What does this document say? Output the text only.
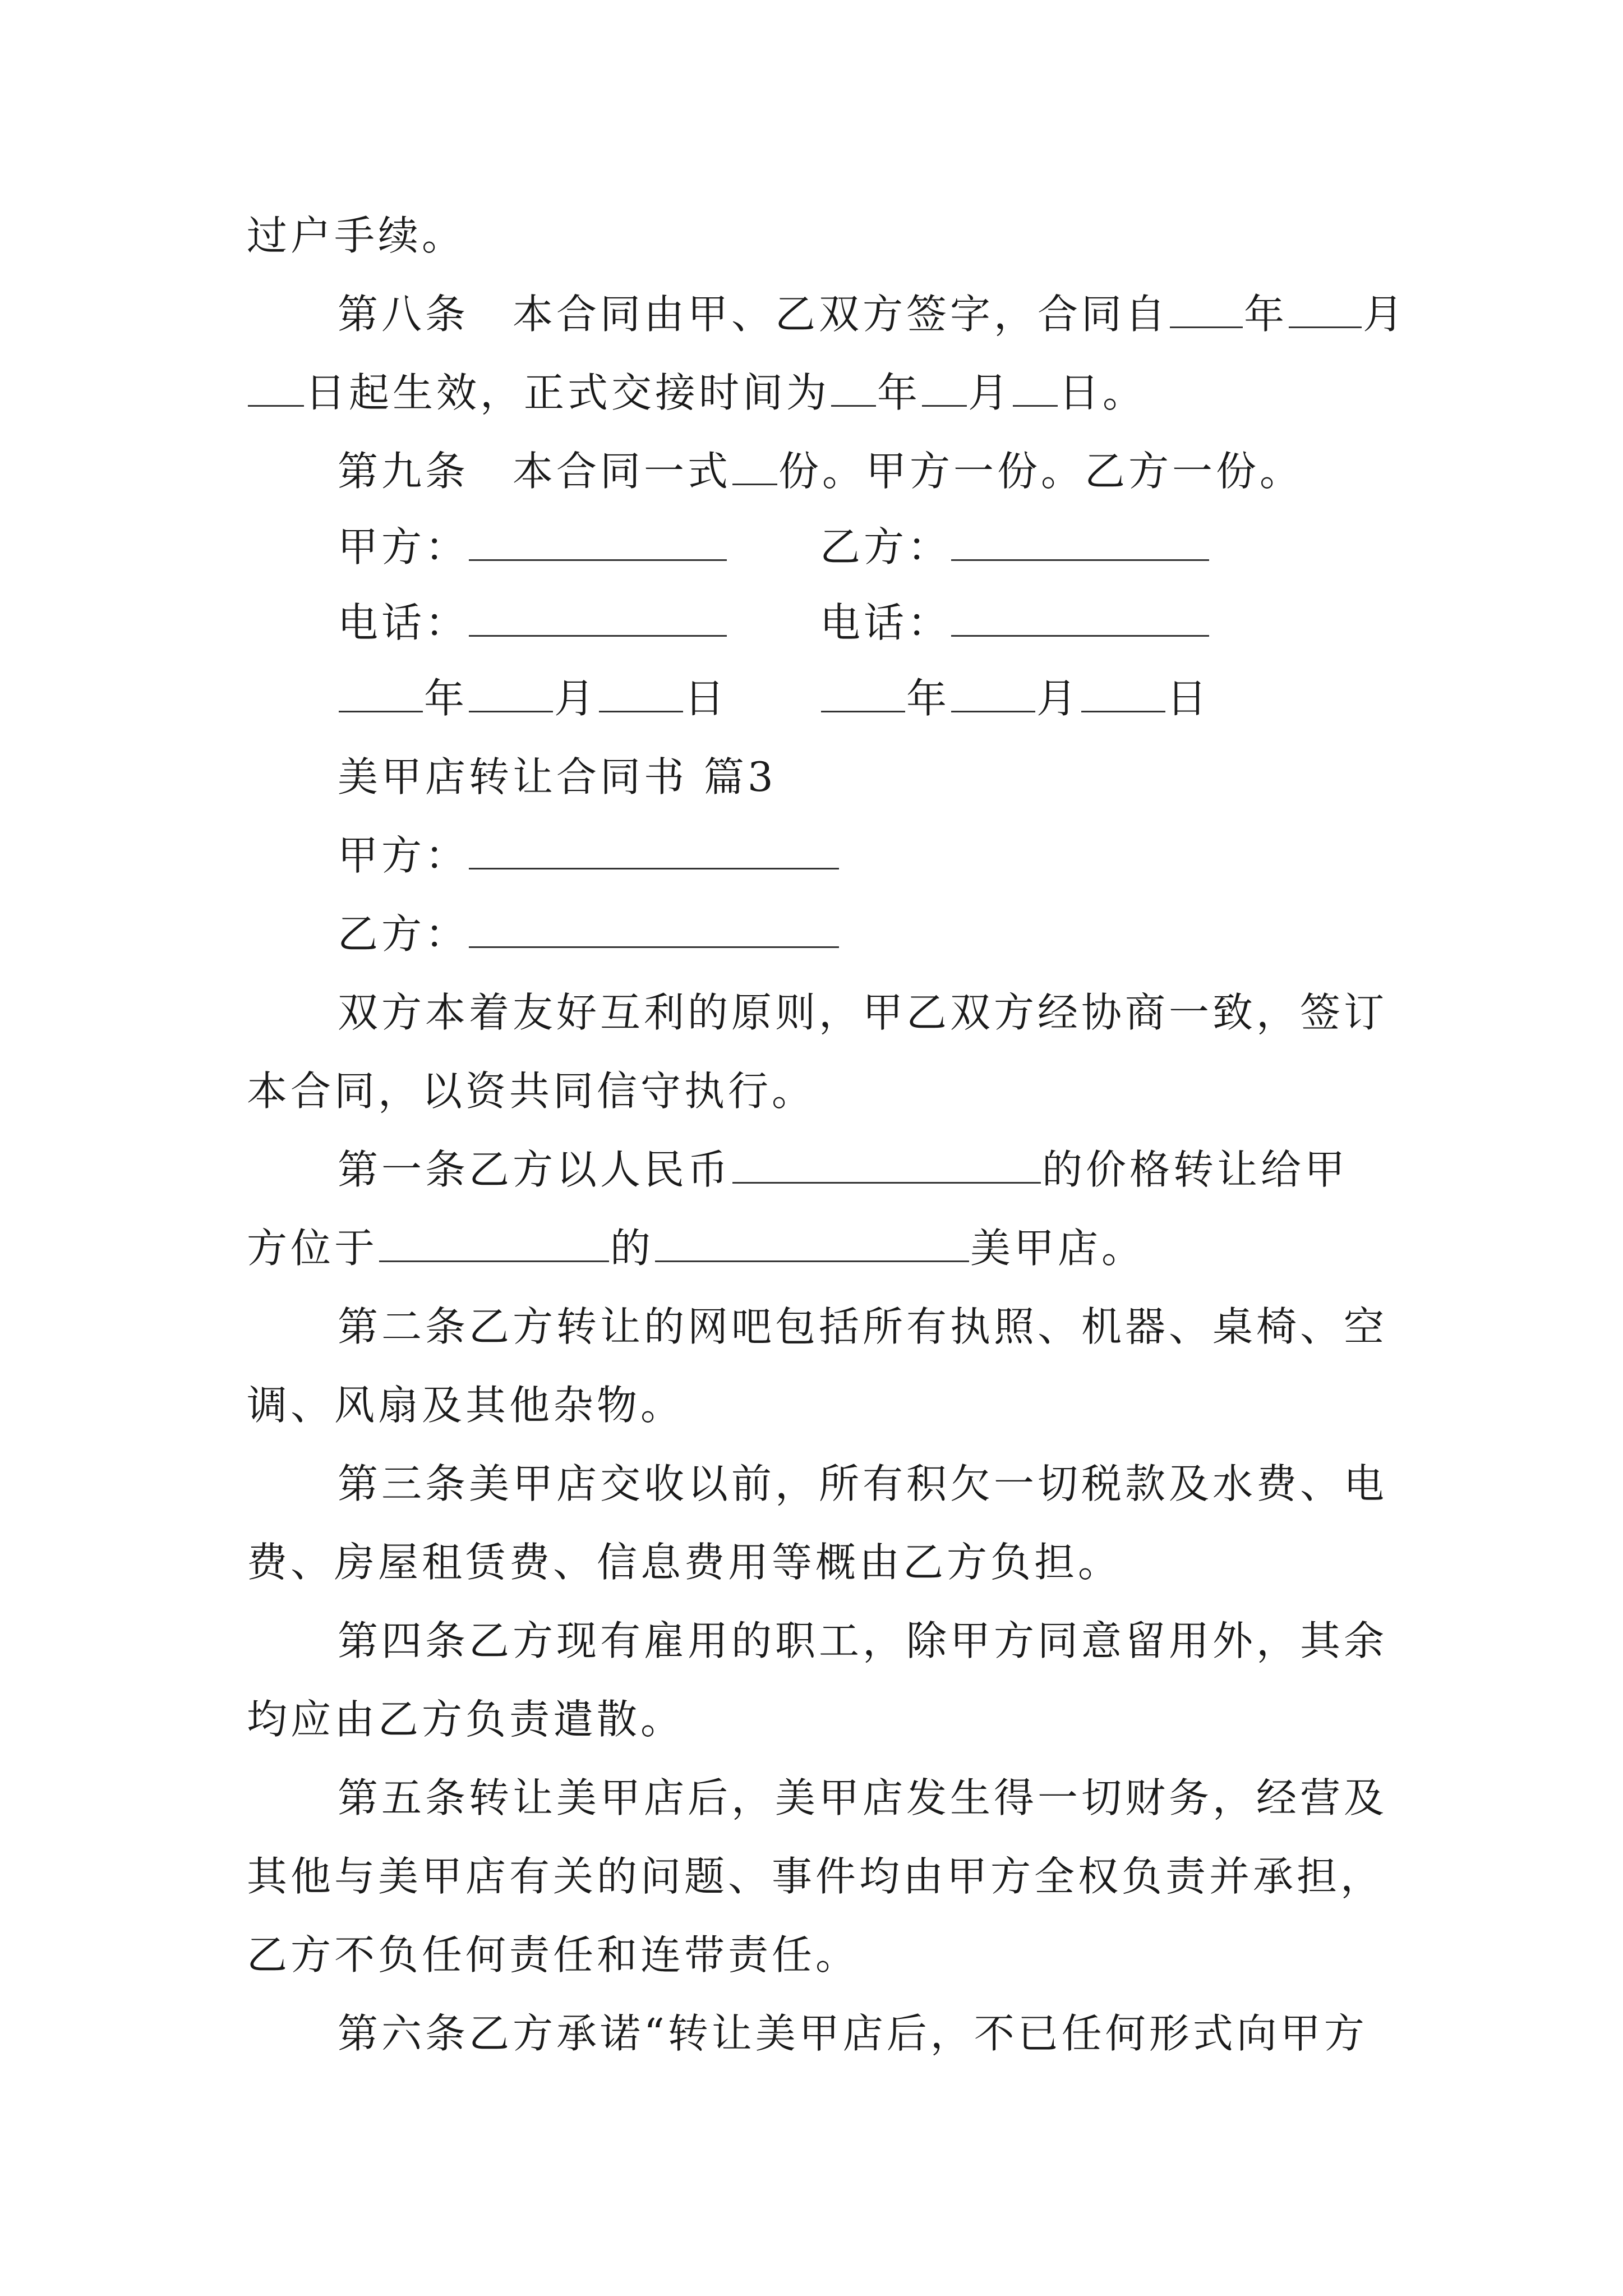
过户手续。
第八条　本合同由甲、乙双方签字，合同自 年 月
日起生效，正式交接时间为 年 月 日。
第九条　本合同一式 份。甲方一份。乙方一份。
甲方：	乙方：
电话：	电话：
年 月 日	年 月 日
美甲店转让合同书 篇3
甲方：
乙方：
双方本着友好互利的原则，甲乙双方经协商一致，签订
本合同，以资共同信守执行。
第一条乙方以人民币	的价格转让给甲
方位于	的	美甲店。
第二条乙方转让的网吧包括所有执照、机器、桌椅、空
调、风扇及其他杂物。
第三条美甲店交收以前，所有积欠一切税款及水费、电
费、房屋租赁费、信息费用等概由乙方负担。
第四条乙方现有雇用的职工，除甲方同意留用外，其余
均应由乙方负责遣散。
第五条转让美甲店后，美甲店发生得一切财务，经营及
其他与美甲店有关的问题、事件均由甲方全权负责并承担，
乙方不负任何责任和连带责任。
第六条乙方承诺“转让美甲店后，不已任何形式向甲方
